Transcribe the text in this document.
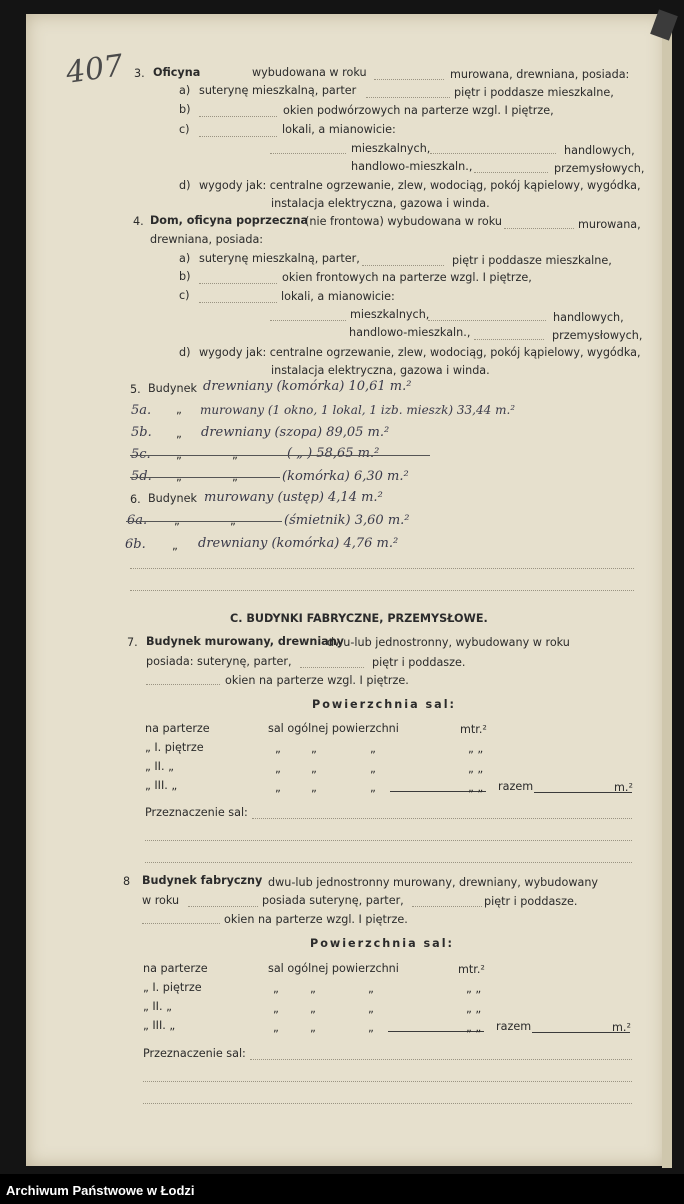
407 3. Oficyna	wybudowana w roku	murowana, drewniana, posiada:
a) suterynę mieszkalną, parter	piętr i poddasze mieszkalne,
b)	okien podwórzowych na parterze wzgl. I piętrze,
c)	lokali, a mianowicie:
mieszkalnych,	handlowych,
handlowo-mieszkaln.,	przemysłowych,
d) wygody jak: centralne ogrzewanie, zlew, wodociąg, pokój kąpielowy, wygódka,
instalacja elektryczna, gazowa i winda.
4. Dom, oficyna poprzeczna
(nie frontowa) wybudowana w roku	murowana,
drewniana, posiada:
a) suterynę mieszkalną, parter,	piętr i poddasze mieszkalne,
b)	okien frontowych na parterze wzgl. I piętrze,
c)	lokali, a mianowicie:
mieszkalnych,	handlowych,
handlowo-mieszkaln.,	przemysłowych,
d) wygody jak: centralne ogrzewanie, zlew, wodociąg, pokój kąpielowy, wygódka,
instalacja elektryczna, gazowa i winda.
5. Budynek drewniany (komórka) 10,61 m.²
5a. „ murowany (1 okno, 1 lokal, 1 izb. mieszk) 33,44 m.²
5b. „ drewniany (szopa) 89,05 m.²
5c. „	„	( „ ) 58,65 m.²
5d. „	„	(komórka) 6,30 m.²
6. Budynek murowany (ustęp) 4,14 m.²
6a. „	„	(śmietnik) 3,60 m.²
6b. „ drewniany (komórka) 4,76 m.²
C. BUDYNKI FABRYCZNE, PRZEMYSŁOWE.
7. Budynek murowany, drewniany
dwu-lub jednostronny, wybudowany w roku
posiada: suterynę, parter,	piętr i poddasze.
okien na parterze wzgl. I piętrze.
Powierzchnia sal:
na parterze	sal ogólnej powierzchni	mtr.²
„ I. piętrze	„	„	„	„ „
„ II. „	„	„	„	„ „
„ III. „	„	„	„	„ „ razem	m.²
Przeznaczenie sal:
8 Budynek fabryczny dwu-lub jednostronny murowany, drewniany, wybudowany
w roku	posiada suterynę, parter,	piętr i poddasze.
okien na parterze wzgl. I piętrze.
Powierzchnia sal:
na parterze	sal ogólnej powierzchni	mtr.²
„ I. piętrze	„	„	„	„ „
„ II. „	„	„	„	„ „
„ III. „	„	„	„	„ „ razem	m.²
Przeznaczenie sal:
Archiwum Państwowe w Łodzi
